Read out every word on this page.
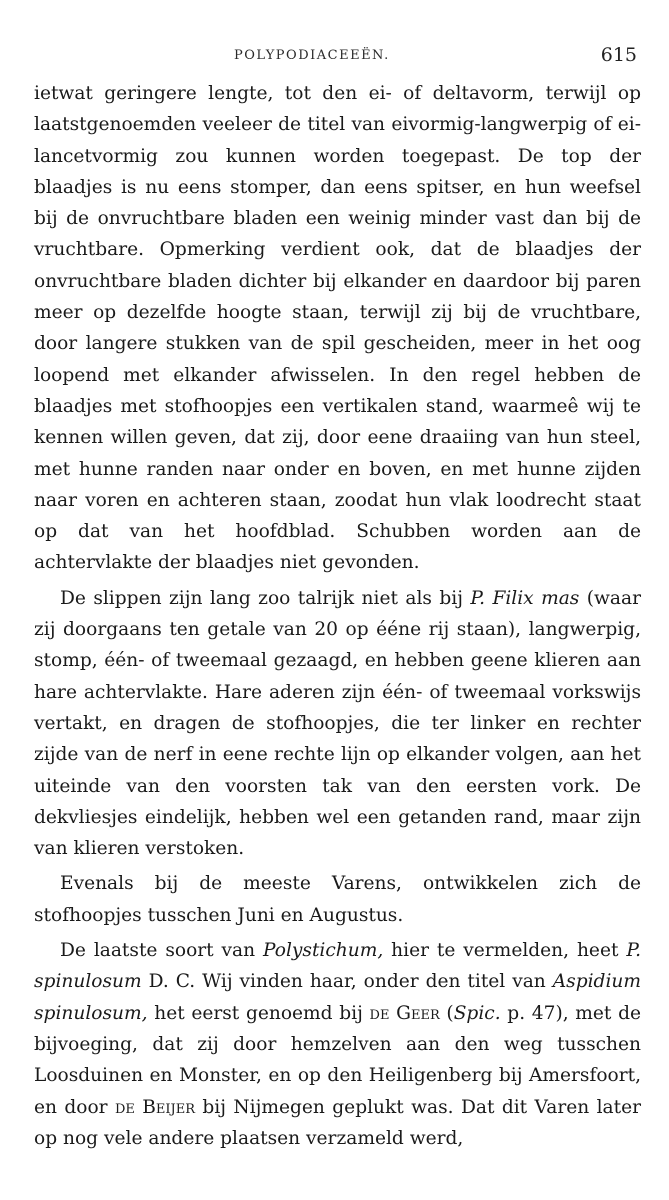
POLYPODIACEEËN.	615

ietwat geringere lengte, tot den ei- of deltavorm, terwijl op laatstgenoemden veeleer de titel van eivormig-langwerpig of ei-lancetvormig zou kunnen worden toegepast. De top der blaadjes is nu eens stomper, dan eens spitser, en hun weefsel bij de onvruchtbare bladen een weinig minder vast dan bij de vruchtbare. Opmerking verdient ook, dat de blaadjes der onvruchtbare bladen dichter bij elkander en daardoor bij paren meer op dezelfde hoogte staan, terwijl zij bij de vruchtbare, door langere stukken van de spil gescheiden, meer in het oog loopend met elkander afwisselen. In den regel hebben de blaadjes met stofhoopjes een vertikalen stand, waarmeê wij te kennen willen geven, dat zij, door eene draaiing van hun steel, met hunne randen naar onder en boven, en met hunne zijden naar voren en achteren staan, zoodat hun vlak loodrecht staat op dat van het hoofdblad. Schubben worden aan de achtervlakte der blaadjes niet gevonden.

De slippen zijn lang zoo talrijk niet als bij P. Filix mas (waar zij doorgaans ten getale van 20 op ééne rij staan), langwerpig, stomp, één- of tweemaal gezaagd, en hebben geene klieren aan hare achtervlakte. Hare aderen zijn één- of tweemaal vorkswijs vertakt, en dragen de stofhoopjes, die ter linker en rechter zijde van de nerf in eene rechte lijn op elkander volgen, aan het uiteinde van den voorsten tak van den eersten vork. De dekvliesjes eindelijk, hebben wel een getanden rand, maar zijn van klieren verstoken.

Evenals bij de meeste Varens, ontwikkelen zich de stofhoopjes tusschen Juni en Augustus.

De laatste soort van Polystichum, hier te vermelden, heet P. spinulosum D. C. Wij vinden haar, onder den titel van Aspidium spinulosum, het eerst genoemd bij de Geer (Spic. p. 47), met de bijvoeging, dat zij door hemzelven aan den weg tusschen Loosduinen en Monster, en op den Heiligenberg bij Amersfoort, en door de Beijer bij Nijmegen geplukt was. Dat dit Varen later op nog vele andere plaatsen verzameld werd,
